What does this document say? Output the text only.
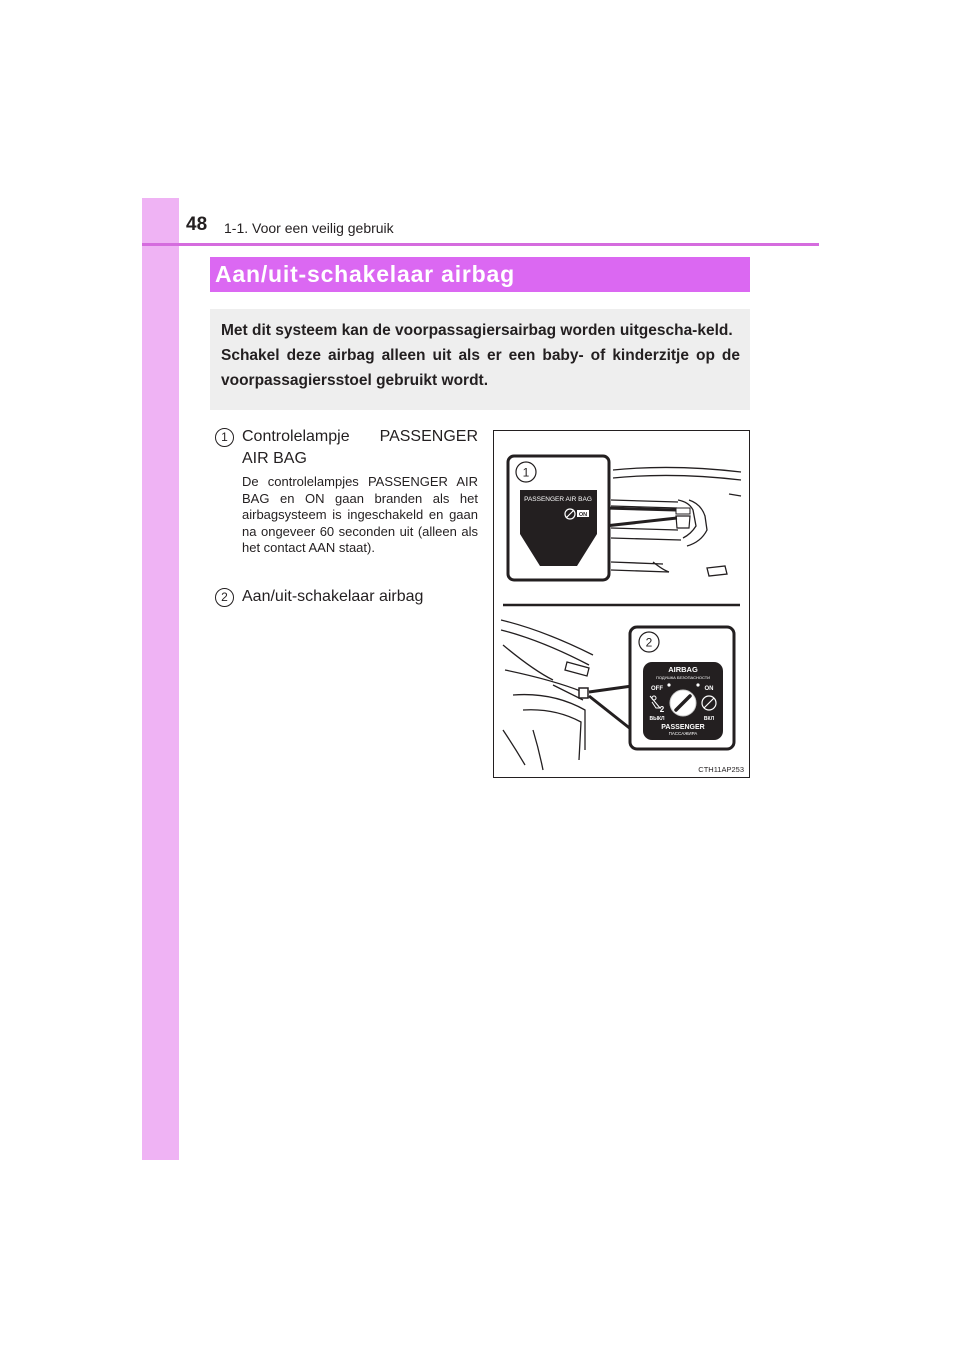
48 1-1. Voor een veilig gebruik
Aan/uit-schakelaar airbag

Met dit systeem kan de voorpassagiersairbag worden uitgescha-keld.

Schakel deze airbag alleen uit als er een baby- of kinderzitje op de voorpassagiersstoel gebruikt wordt.

1 Controlelampje PASSENGER AIR BAG
De controlelampjes PASSENGER AIR BAG en ON gaan branden als het airbagsysteem is ingeschakeld en gaan na ongeveer 60 seconden uit (alleen als het contact AAN staat).
2 Aan/uit-schakelaar airbag
1
PASSENGER AIR BAG
ON
2
AIRBAG
ПОДУШКА БЕЗОПАСНОСТИ
OFF	ON
2
ВЫКЛ	ВКЛ
PASSENGER
ПАССАЖИРА
CTH11AP253
